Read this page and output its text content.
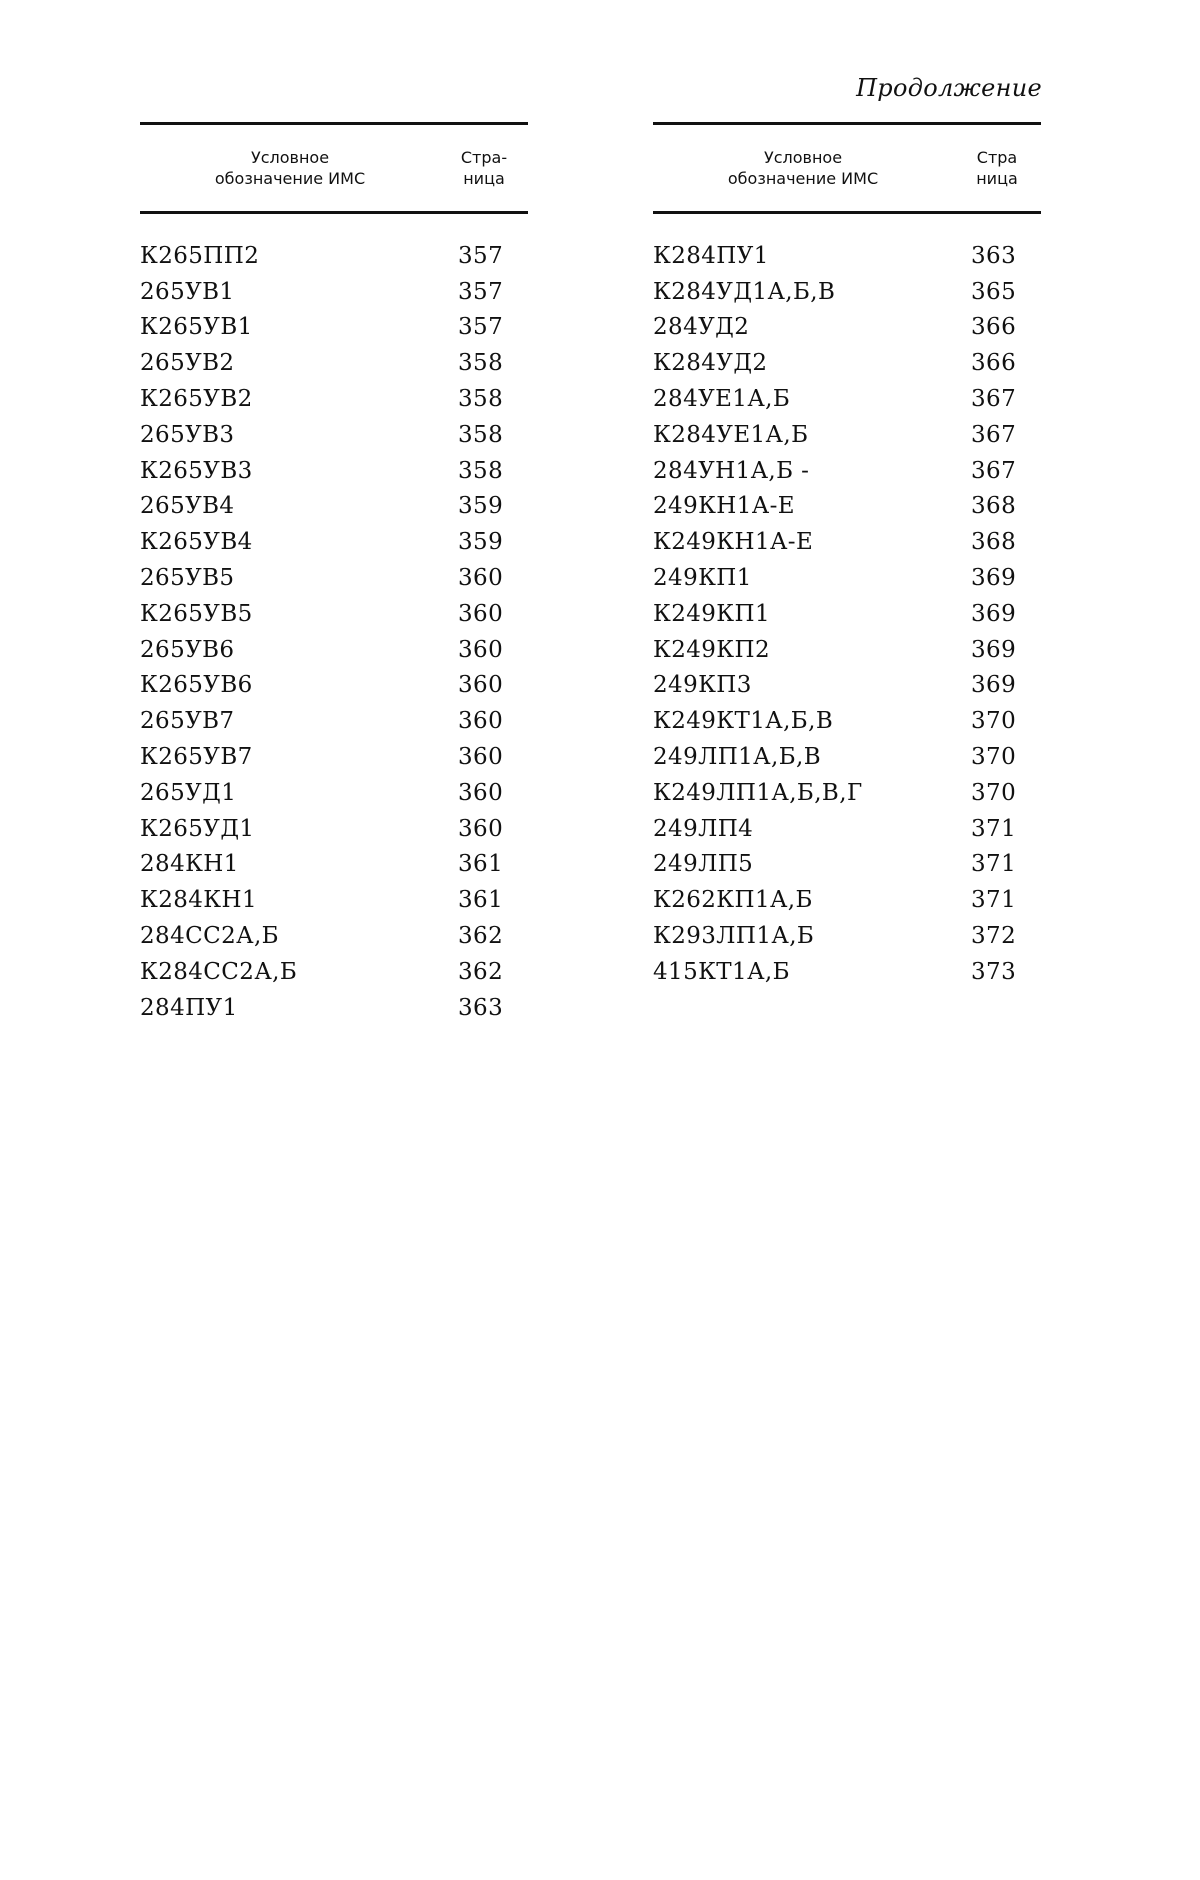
Продолжение
Условное
обозначение ИМС
Стра-
ница
К265ПП2	357
265УВ1	357
К265УВ1	357
265УВ2	358
К265УВ2	358
265УВ3	358
К265УВ3	358
265УВ4	359
К265УВ4	359
265УВ5	360
К265УВ5	360
265УВ6	360
К265УВ6	360
265УВ7	360
К265УВ7	360
265УД1	360
К265УД1	360
284КН1	361
К284КН1	361
284СС2А,Б	362
К284СС2А,Б	362
284ПУ1	363
Условное
обозначение ИМС
Стра
ница
К284ПУ1	363
К284УД1А,Б,В	365
284УД2	366
К284УД2	366
284УЕ1А,Б	367
К284УЕ1А,Б	367
284УН1А,Б -	367
249КН1А-Е	368
К249КН1А-Е	368
249КП1	369
К249КП1	369
К249КП2	369
249КП3	369
К249КТ1А,Б,В	370
249ЛП1А,Б,В	370
К249ЛП1А,Б,В,Г	370
249ЛП4	371
249ЛП5	371
К262КП1А,Б	371
К293ЛП1А,Б	372
415КТ1А,Б	373
